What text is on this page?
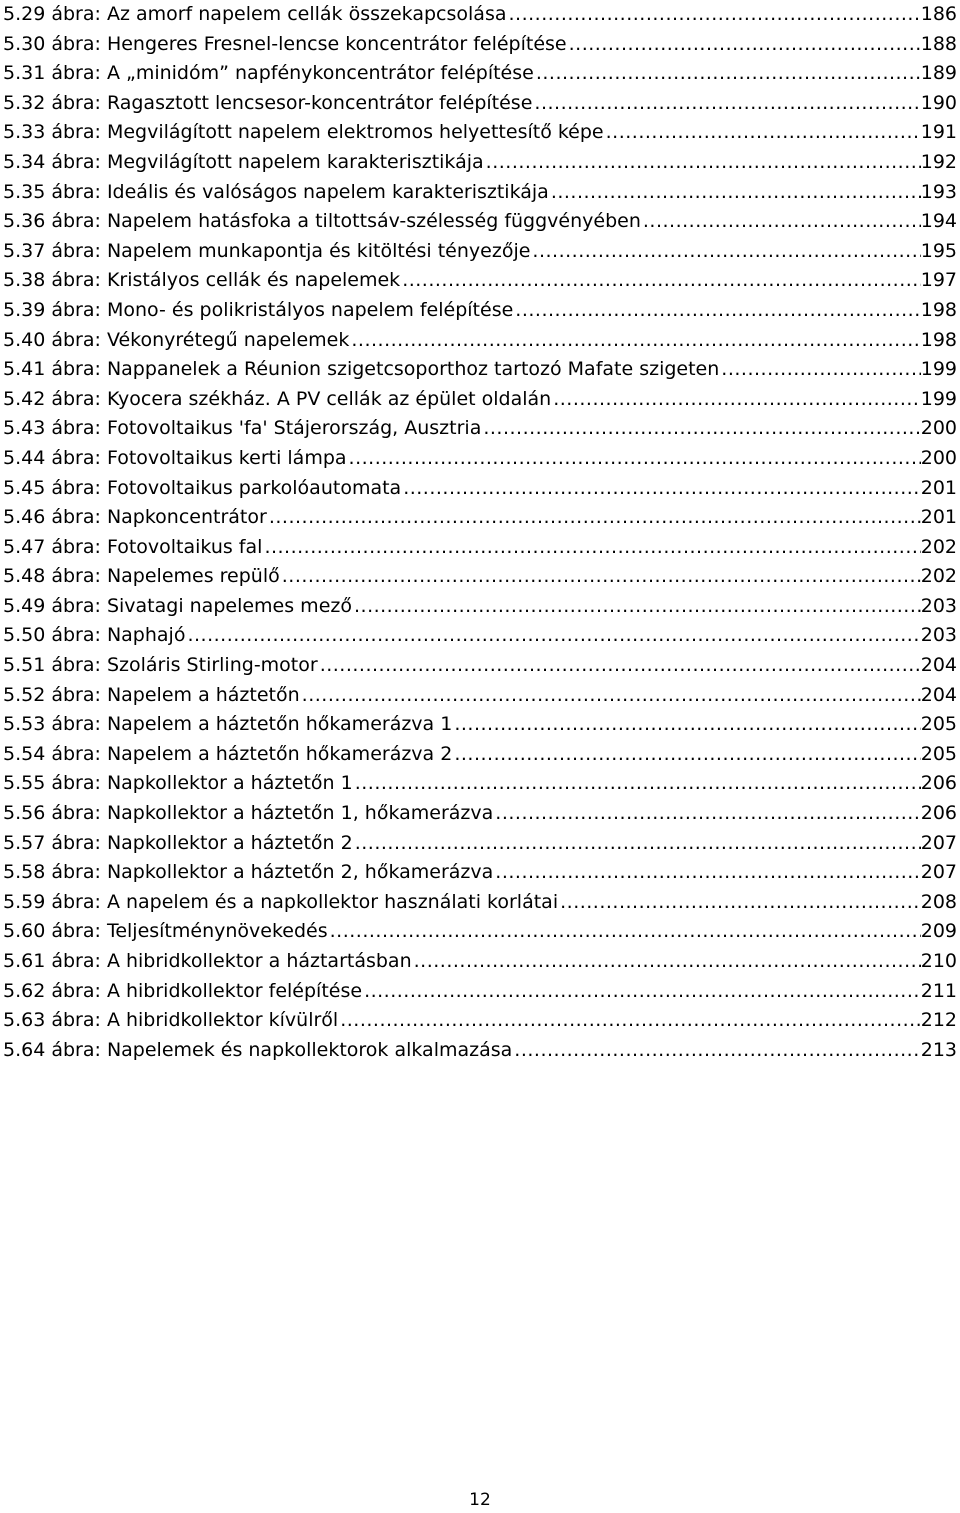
5.29 ábra: Az amorf napelem cellák összekapcsolása .....	186
5.30 ábra: Hengeres Fresnel-lencse koncentrátor felépítése .....	188
5.31 ábra: A „minidóm” napfénykoncentrátor felépítése .....	189
5.32 ábra: Ragasztott lencsesor-koncentrátor felépítése .....	190
5.33 ábra: Megvilágított napelem elektromos helyettesítő képe .....	191
5.34 ábra: Megvilágított napelem karakterisztikája .....	192
5.35 ábra: Ideális és valóságos napelem karakterisztikája .....	193
5.36 ábra: Napelem hatásfoka a tiltottsáv-szélesség függvényében .....	194
5.37 ábra: Napelem munkapontja és kitöltési tényezője .....	195
5.38 ábra: Kristályos cellák és napelemek .....	197
5.39 ábra: Mono- és polikristályos napelem felépítése .....	198
5.40 ábra: Vékonyrétegű napelemek .....	198
5.41 ábra: Nappanelek a Réunion szigetcsoporthoz tartozó Mafate szigeten .....	199
5.42 ábra: Kyocera székház. A PV cellák az épület oldalán .....	199
5.43 ábra: Fotovoltaikus 'fa' Stájerország, Ausztria .....	200
5.44 ábra: Fotovoltaikus kerti lámpa .....	200
5.45 ábra: Fotovoltaikus parkolóautomata .....	201
5.46 ábra: Napkoncentrátor .....	201
5.47 ábra: Fotovoltaikus fal .....	202
5.48 ábra: Napelemes repülő .....	202
5.49 ábra: Sivatagi napelemes mező .....	203
5.50 ábra: Naphajó .....	203
5.51 ábra: Szoláris Stirling-motor .....	204
5.52 ábra: Napelem a háztetőn .....	204
5.53 ábra: Napelem a háztetőn hőkamerázva 1 .....	205
5.54 ábra: Napelem a háztetőn hőkamerázva 2 .....	205
5.55 ábra: Napkollektor a háztetőn 1 .....	206
5.56 ábra: Napkollektor a háztetőn 1, hőkamerázva .....	206
5.57 ábra: Napkollektor a háztetőn 2 .....	207
5.58 ábra: Napkollektor a háztetőn 2, hőkamerázva .....	207
5.59 ábra: A napelem és a napkollektor használati korlátai .....	208
5.60 ábra: Teljesítménynövekedés .....	209
5.61 ábra: A hibridkollektor a háztartásban .....	210
5.62 ábra: A hibridkollektor felépítése .....	211
5.63 ábra: A hibridkollektor kívülről .....	212
5.64 ábra: Napelemek és napkollektorok alkalmazása .....	213
12
